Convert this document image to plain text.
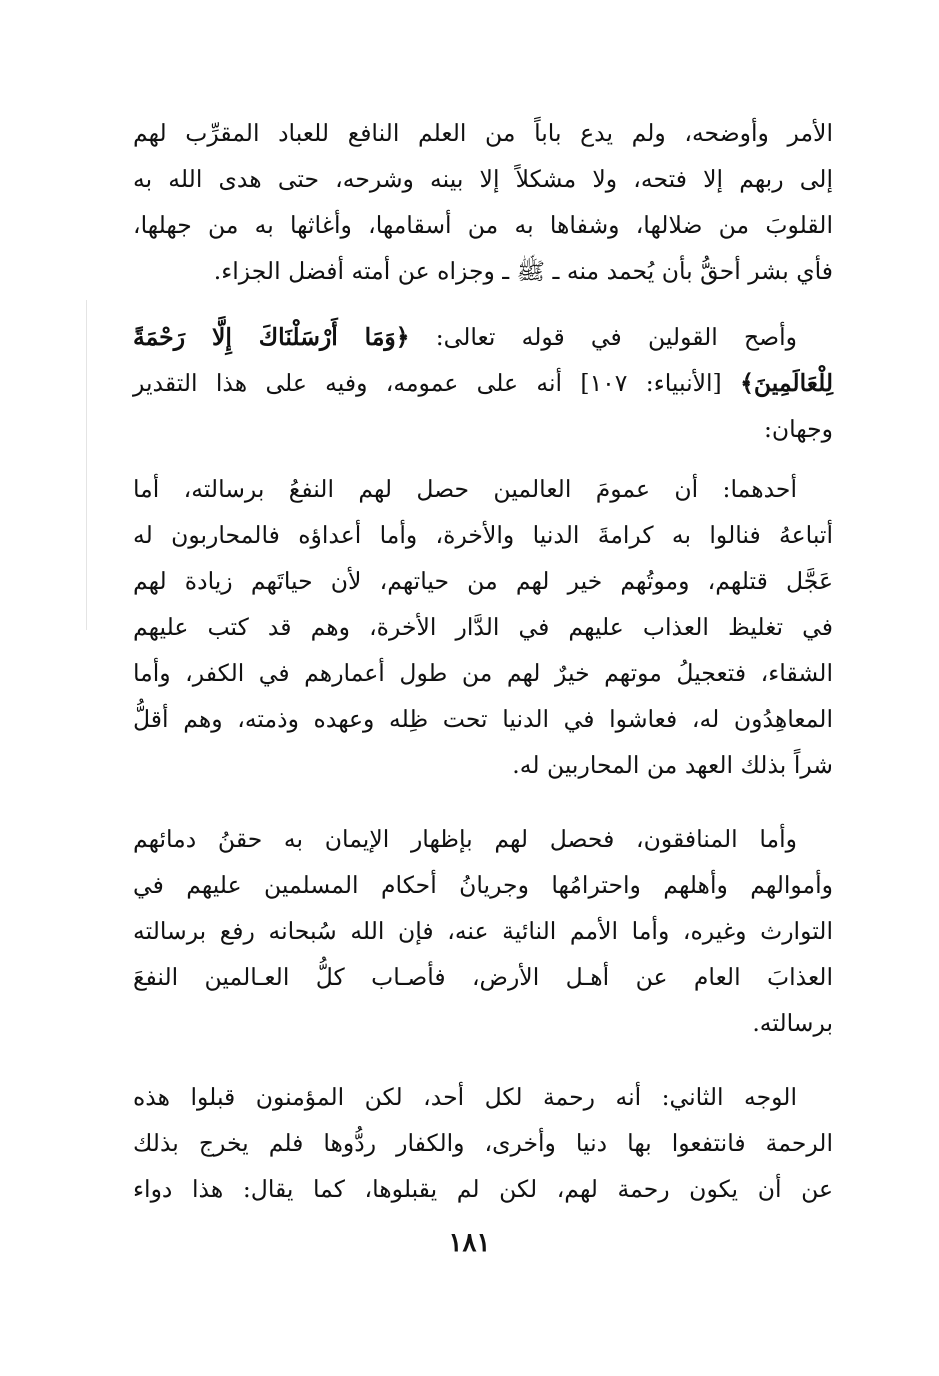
الأمر وأوضحه، ولم يدع باباً من العلم النافع للعباد المقرِّب لهم
إلى ربهم إلا فتحه، ولا مشكلاً إلا بينه وشرحه، حتى هدى الله به
القلوبَ من ضلالها، وشفاها به من أسقامها، وأغاثها به من جهلها،
فأي بشر أحقُّ بأن يُحمد منه ـ ﷺ ـ وجزاه عن أمته أفضل الجزاء.

وأصح القولين في قوله تعالى: ﴿وَمَا أَرْسَلْنَاكَ إِلَّا رَحْمَةً
لِلْعَالَمِينَ﴾ [الأنبياء: ١٠٧] أنه على عمومه، وفيه على هذا التقدير
وجهان:

أحدهما: أن عمومَ العالمين حصل لهم النفعُ برسالته، أما
أتباعهُ فنالوا به كرامةَ الدنيا والأخرة، وأما أعداؤه فالمحاربون له
عَجَّل قتلهم، وموتُهم خير لهم من حياتهم، لأن حياتَهم زيادة لهم
في تغليظ العذاب عليهم في الدَّار الأخرة، وهم قد كتب عليهم
الشقاء، فتعجيلُ موتهم خيرٌ لهم من طول أعمارهم في الكفر، وأما
المعاهِدُون له، فعاشوا في الدنيا تحت ظِله وعهده وذمته، وهم أقلُّ
شراً بذلك العهد من المحاربين له.

وأما المنافقون، فحصل لهم بإظهار الإيمان به حقنُ دمائهم
وأموالهم وأهلهم واحترامُها وجريانُ أحكام المسلمين عليهم في
التوارث وغيره، وأما الأمم النائية عنه، فإن الله سُبحانه رفع برسالته
العذابَ العام عن أهـل الأرض، فأصـاب كلُّ العـالمين النفعَ
برسالته.

الوجه الثاني: أنه رحمة لكل أحد، لكن المؤمنون قبلوا هذه
الرحمة فانتفعوا بها دنيا وأخرى، والكفار ردُّوها فلم يخرج بذلك
عن أن يكون رحمة لهم، لكن لم يقبلوها، كما يقال: هذا دواء

١٨١
